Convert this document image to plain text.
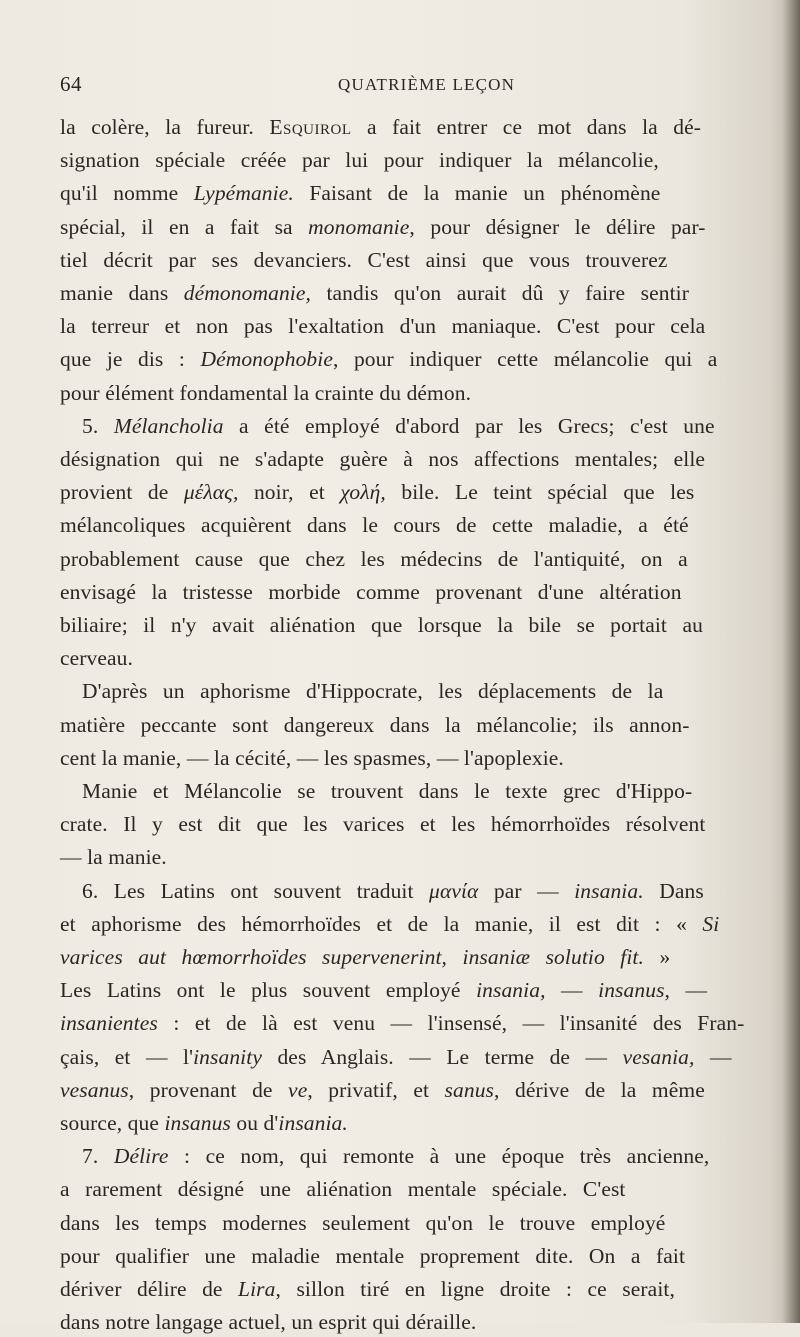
64	QUATRIÈME LEÇON
la colère, la fureur. Esquirol a fait entrer ce mot dans la dé-
signation spéciale créée par lui pour indiquer la mélancolie,
qu'il nomme Lypémanie. Faisant de la manie un phénomène
spécial, il en a fait sa monomanie, pour désigner le délire par-
tiel décrit par ses devanciers. C'est ainsi que vous trouverez
manie dans démonomanie, tandis qu'on aurait dû y faire sentir
la terreur et non pas l'exaltation d'un maniaque. C'est pour cela
que je dis : Démonophobie, pour indiquer cette mélancolie qui a
pour élément fondamental la crainte du démon.
5. Mélancholia a été employé d'abord par les Grecs; c'est une
désignation qui ne s'adapte guère à nos affections mentales; elle
provient de μέλας, noir, et χολή, bile. Le teint spécial que les
mélancoliques acquièrent dans le cours de cette maladie, a été
probablement cause que chez les médecins de l'antiquité, on a
envisagé la tristesse morbide comme provenant d'une altération
biliaire; il n'y avait aliénation que lorsque la bile se portait au
cerveau.
D'après un aphorisme d'Hippocrate, les déplacements de la
matière peccante sont dangereux dans la mélancolie; ils annon-
cent la manie, — la cécité, — les spasmes, — l'apoplexie.
Manie et Mélancolie se trouvent dans le texte grec d'Hippo-
crate. Il y est dit que les varices et les hémorrhoïdes résolvent
— la manie.
6. Les Latins ont souvent traduit μανία par — insania. Dans
et aphorisme des hémorrhoïdes et de la manie, il est dit : « Si
varices aut hœmorrhoïdes supervenerint, insaniæ solutio fit. »
Les Latins ont le plus souvent employé insania, — insanus, —
insanientes : et de là est venu — l'insensé, — l'insanité des Fran-
çais, et — l'insanity des Anglais. — Le terme de — vesania, —
vesanus, provenant de ve, privatif, et sanus, dérive de la même
source, que insanus ou d'insania.
7. Délire : ce nom, qui remonte à une époque très ancienne,
a rarement désigné une aliénation mentale spéciale. C'est
dans les temps modernes seulement qu'on le trouve employé
pour qualifier une maladie mentale proprement dite. On a fait
dériver délire de Lira, sillon tiré en ligne droite : ce serait,
dans notre langage actuel, un esprit qui déraille.
